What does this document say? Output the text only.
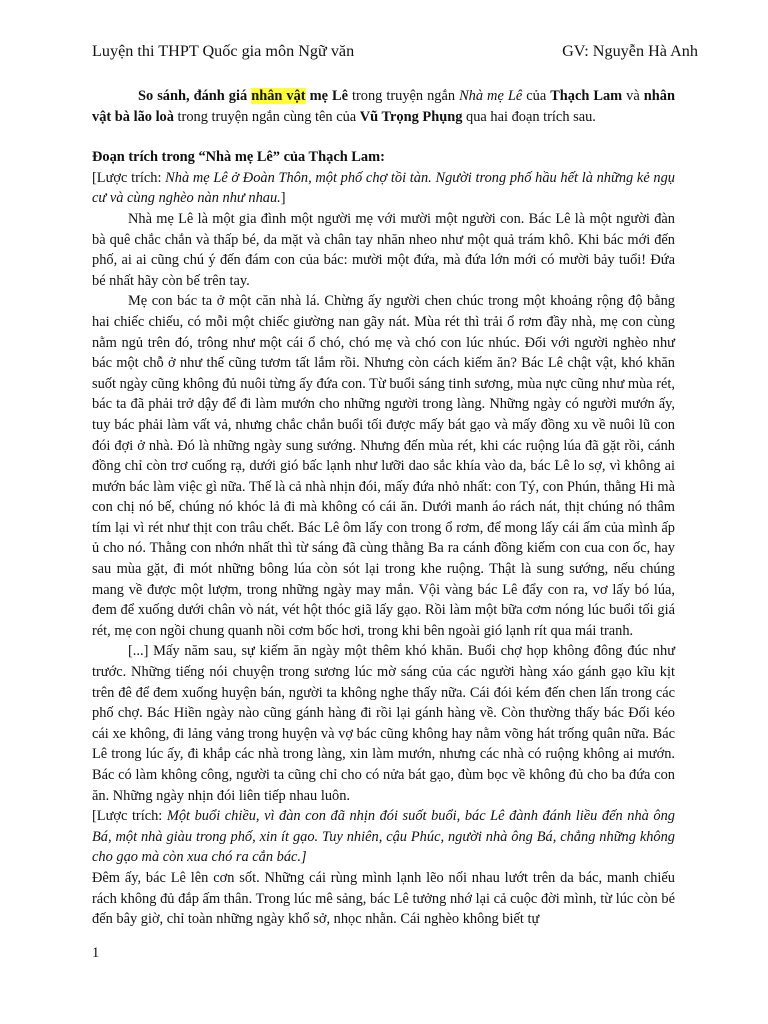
Luyện thi THPT Quốc gia môn Ngữ văn	GV: Nguyễn Hà Anh

So sánh, đánh giá nhân vật mẹ Lê trong truyện ngắn Nhà mẹ Lê của Thạch Lam và nhân vật bà lão loà trong truyện ngắn cùng tên của Vũ Trọng Phụng qua hai đoạn trích sau.

Đoạn trích trong “Nhà mẹ Lê” của Thạch Lam:

[Lược trích: Nhà mẹ Lê ở Đoàn Thôn, một phố chợ tồi tàn. Người trong phố hầu hết là những kẻ ngụ cư và cùng nghèo nàn như nhau.]

Nhà mẹ Lê là một gia đình một người mẹ với mười một người con. Bác Lê là một người đàn bà quê chắc chắn và thấp bé, da mặt và chân tay nhăn nheo như một quả trám khô. Khi bác mới đến phố, ai ai cũng chú ý đến đám con của bác: mười một đứa, mà đứa lớn mới có mười bảy tuổi! Đứa bé nhất hãy còn bế trên tay.

Mẹ con bác ta ở một căn nhà lá. Chừng ấy người chen chúc trong một khoảng rộng độ bằng hai chiếc chiếu, có mỗi một chiếc giường nan gãy nát. Mùa rét thì trải ổ rơm đầy nhà, mẹ con cùng nằm ngủ trên đó, trông như một cái ổ chó, chó mẹ và chó con lúc nhúc. Đối với người nghèo như bác một chỗ ở như thế cũng tươm tất lắm rồi. Nhưng còn cách kiếm ăn? Bác Lê chật vật, khó khăn suốt ngày cũng không đủ nuôi từng ấy đứa con. Từ buổi sáng tinh sương, mùa nực cũng như mùa rét, bác ta đã phải trở dậy để đi làm mướn cho những người trong làng. Những ngày có người mướn ấy, tuy bác phải làm vất vả, nhưng chắc chắn buổi tối được mấy bát gạo và mấy đồng xu về nuôi lũ con đói đợi ở nhà. Đó là những ngày sung sướng. Nhưng đến mùa rét, khi các ruộng lúa đã gặt rồi, cánh đồng chỉ còn trơ cuống rạ, dưới gió bấc lạnh như lưỡi dao sắc khía vào da, bác Lê lo sợ, vì không ai mướn bác làm việc gì nữa. Thế là cả nhà nhịn đói, mấy đứa nhỏ nhất: con Tý, con Phún, thằng Hi mà con chị nó bế, chúng nó khóc lả đi mà không có cái ăn. Dưới manh áo rách nát, thịt chúng nó thâm tím lại vì rét như thịt con trâu chết. Bác Lê ôm lấy con trong ổ rơm, để mong lấy cái ấm của mình ấp ủ cho nó. Thằng con nhớn nhất thì từ sáng đã cùng thằng Ba ra cánh đồng kiếm con cua con ốc, hay sau mùa gặt, đi mót những bông lúa còn sót lại trong khe ruộng. Thật là sung sướng, nếu chúng mang về được một lượm, trong những ngày may mắn. Vội vàng bác Lê đẩy con ra, vơ lấy bó lúa, đem để xuống dưới chân vò nát, vét hột thóc giã lấy gạo. Rồi làm một bữa cơm nóng lúc buổi tối giá rét, mẹ con ngồi chung quanh nồi cơm bốc hơi, trong khi bên ngoài gió lạnh rít qua mái tranh.

[...] Mấy năm sau, sự kiếm ăn ngày một thêm khó khăn. Buổi chợ họp không đông đúc như trước. Những tiếng nói chuyện trong sương lúc mờ sáng của các người hàng xáo gánh gạo kĩu kịt trên đê để đem xuống huyện bán, người ta không nghe thấy nữa. Cái đói kém đến chen lấn trong các phố chợ. Bác Hiền ngày nào cũng gánh hàng đi rồi lại gánh hàng về. Còn thường thấy bác Đối kéo cái xe không, đi lảng vảng trong huyện và vợ bác cũng không hay nằm võng hát trống quân nữa. Bác Lê trong lúc ấy, đi khắp các nhà trong làng, xin làm mướn, nhưng các nhà có ruộng không ai mướn. Bác có làm không công, người ta cũng chỉ cho có nửa bát gạo, đùm bọc về không đủ cho ba đứa con ăn. Những ngày nhịn đói liên tiếp nhau luôn.

[Lược trích: Một buổi chiều, vì đàn con đã nhịn đói suốt buổi, bác Lê đành đánh liều đến nhà ông Bá, một nhà giàu trong phố, xin ít gạo. Tuy nhiên, cậu Phúc, người nhà ông Bá, chẳng những không cho gạo mà còn xua chó ra cắn bác.]

Đêm ấy, bác Lê lên cơn sốt. Những cái rùng mình lạnh lẽo nối nhau lướt trên da bác, manh chiếu rách không đủ đắp ấm thân. Trong lúc mê sảng, bác Lê tưởng nhớ lại cả cuộc đời mình, từ lúc còn bé đến bây giờ, chỉ toàn những ngày khổ sở, nhọc nhằn. Cái nghèo không biết tự

1
